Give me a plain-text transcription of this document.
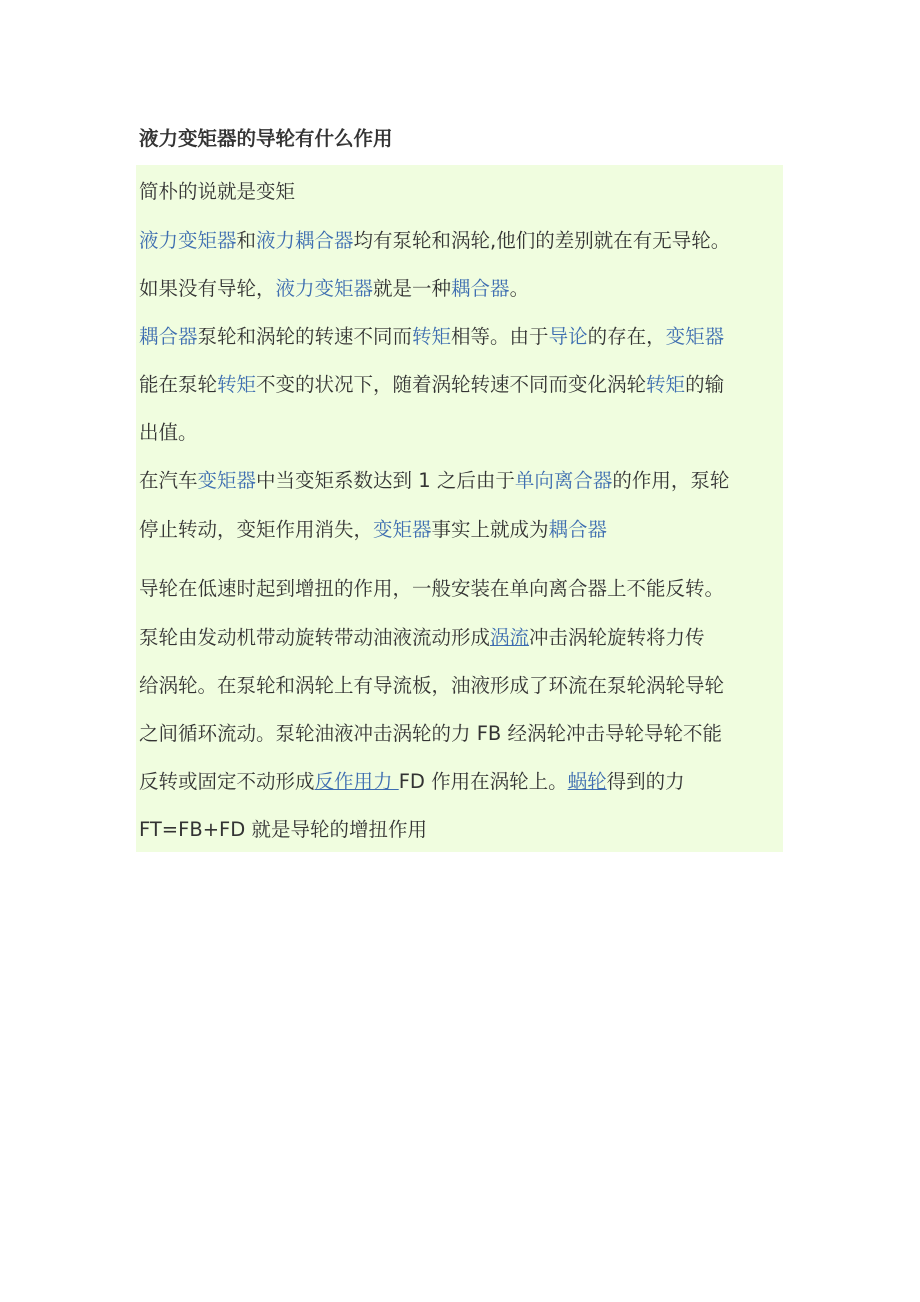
液力变矩器的导轮有什么作用
简朴的说就是变矩
液力变矩器和液力耦合器均有泵轮和涡轮,他们的差别就在有无导轮。
如果没有导轮，液力变矩器就是一种耦合器。
耦合器泵轮和涡轮的转速不同而转矩相等。由于导论的存在，变矩器
能在泵轮转矩不变的状况下，随着涡轮转速不同而变化涡轮转矩的输
出值。
在汽车变矩器中当变矩系数达到 1 之后由于单向离合器的作用，泵轮
停止转动，变矩作用消失，变矩器事实上就成为耦合器
导轮在低速时起到增扭的作用，一般安装在单向离合器上不能反转。
泵轮由发动机带动旋转带动油液流动形成涡流冲击涡轮旋转将力传
给涡轮。在泵轮和涡轮上有导流板，油液形成了环流在泵轮涡轮导轮
之间循环流动。泵轮油液冲击涡轮的力 FB 经涡轮冲击导轮导轮不能
反转或固定不动形成反作用力 FD 作用在涡轮上。蜗轮得到的力
FT=FB+FD 就是导轮的增扭作用
